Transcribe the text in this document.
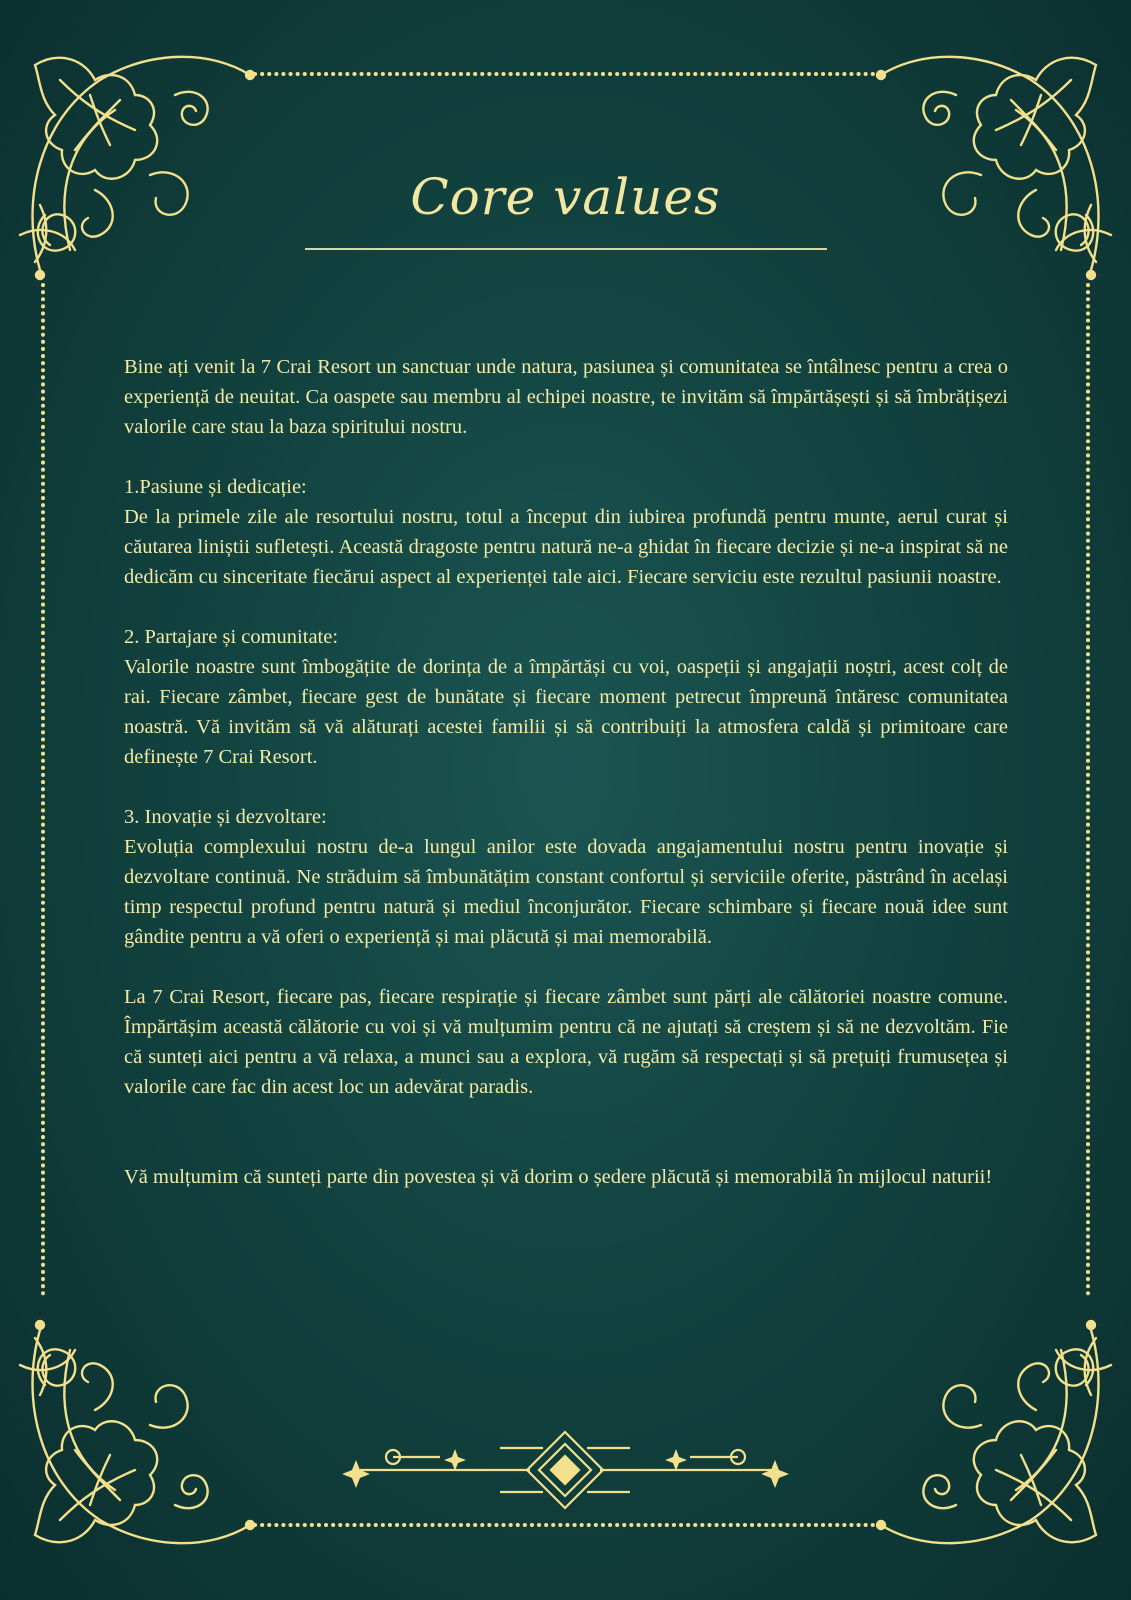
Core values

Bine ați venit la 7 Crai Resort un sanctuar unde natura, pasiunea și comunitatea se întâlnesc pentru a crea o experiență de neuitat. Ca oaspete sau membru al echipei noastre, te invităm să împărtășești și să îmbrățișezi valorile care stau la baza spiritului nostru.

1.Pasiune și dedicație:

De la primele zile ale resortului nostru, totul a început din iubirea profundă pentru munte, aerul curat și căutarea liniștii sufletești. Această dragoste pentru natură ne-a ghidat în fiecare decizie și ne-a inspirat să ne dedicăm cu sinceritate fiecărui aspect al experienței tale aici. Fiecare serviciu este rezultul pasiunii noastre.

2. Partajare și comunitate:

Valorile noastre sunt îmbogățite de dorința de a împărtăși cu voi, oaspeții și angajații noștri, acest colț de rai. Fiecare zâmbet, fiecare gest de bunătate și fiecare moment petrecut împreună întăresc comunitatea noastră. Vă invităm să vă alăturați acestei familii și să contribuiți la atmosfera caldă și primitoare care definește 7 Crai Resort.

3. Inovație și dezvoltare:

Evoluția complexului nostru de-a lungul anilor este dovada angajamentului nostru pentru inovație și dezvoltare continuă. Ne străduim să îmbunătățim constant confortul și serviciile oferite, păstrând în același timp respectul profund pentru natură și mediul înconjurător. Fiecare schimbare și fiecare nouă idee sunt gândite pentru a vă oferi o experiență și mai plăcută și mai memorabilă.

La 7 Crai Resort, fiecare pas, fiecare respirație și fiecare zâmbet sunt părți ale călătoriei noastre comune. Împărtășim această călătorie cu voi și vă mulțumim pentru că ne ajutați să creștem și să ne dezvoltăm. Fie că sunteți aici pentru a vă relaxa, a munci sau a explora, vă rugăm să respectați și să prețuiți frumusețea și valorile care fac din acest loc un adevărat paradis.

Vă mulțumim că sunteți parte din povestea și vă dorim o ședere plăcută și memorabilă în mijlocul naturii!
